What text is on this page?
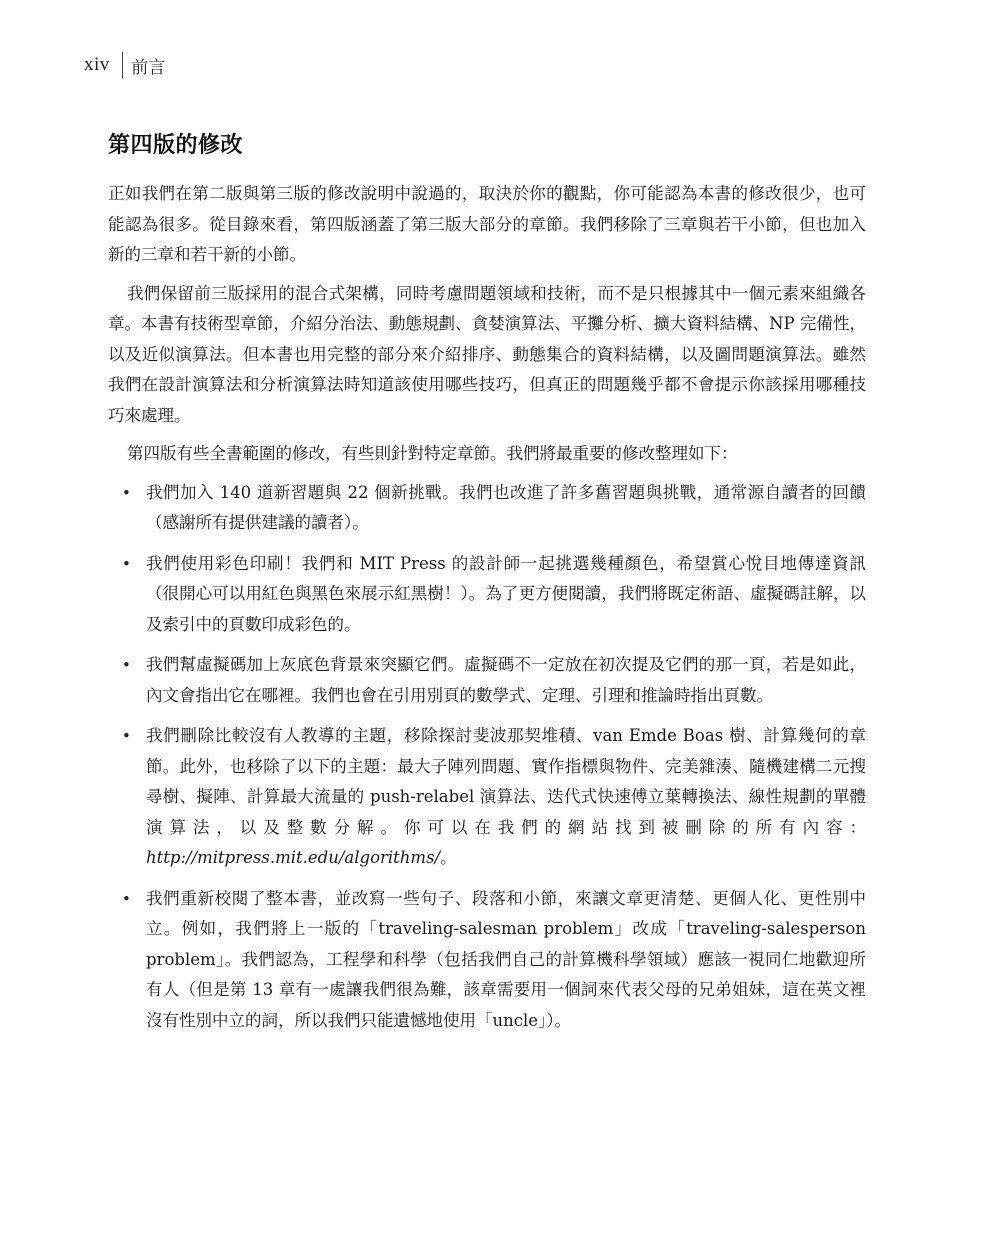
xiv 前言
第四版的修改

正如我們在第二版與第三版的修改說明中說過的，取決於你的觀點，你可能認為本書的修改很少，也可能認為很多。從目錄來看，第四版涵蓋了第三版大部分的章節。我們移除了三章與若干小節，但也加入新的三章和若干新的小節。

我們保留前三版採用的混合式架構，同時考慮問題領域和技術，而不是只根據其中一個元素來組織各章。本書有技術型章節，介紹分治法、動態規劃、貪婪演算法、平攤分析、擴大資料結構、NP 完備性，以及近似演算法。但本書也用完整的部分來介紹排序、動態集合的資料結構，以及圖問題演算法。雖然我們在設計演算法和分析演算法時知道該使用哪些技巧，但真正的問題幾乎都不會提示你該採用哪種技巧來處理。

第四版有些全書範圍的修改，有些則針對特定章節。我們將最重要的修改整理如下：

• 我們加入 140 道新習題與 22 個新挑戰。我們也改進了許多舊習題與挑戰，通常源自讀者的回饋（感謝所有提供建議的讀者）。
• 我們使用彩色印刷！我們和 MIT Press 的設計師一起挑選幾種顏色，希望賞心悅目地傳達資訊（很開心可以用紅色與黑色來展示紅黑樹！）。為了更方便閱讀，我們將既定術語、虛擬碼註解，以及索引中的頁數印成彩色的。
• 我們幫虛擬碼加上灰底色背景來突顯它們。虛擬碼不一定放在初次提及它們的那一頁，若是如此，內文會指出它在哪裡。我們也會在引用別頁的數學式、定理、引理和推論時指出頁數。
• 我們刪除比較沒有人教導的主題，移除探討斐波那契堆積、van Emde Boas 樹、計算幾何的章節。此外，也移除了以下的主題：最大子陣列問題、實作指標與物件、完美雜湊、隨機建構二元搜尋樹、擬陣、計算最大流量的 push-relabel 演算法、迭代式快速傅立葉轉換法、線性規劃的單體演算法，以及整數分解。你可以在我們的網站找到被刪除的所有內容：http://mitpress.mit.edu/algorithms/。
• 我們重新校閱了整本書，並改寫一些句子、段落和小節，來讓文章更清楚、更個人化、更性別中立。例如，我們將上一版的「traveling-salesman problem」改成「traveling-salesperson problem」。我們認為，工程學和科學（包括我們自己的計算機科學領域）應該一視同仁地歡迎所有人（但是第 13 章有一處讓我們很為難，該章需要用一個詞來代表父母的兄弟姐妹，這在英文裡沒有性別中立的詞，所以我們只能遺憾地使用「uncle」）。
